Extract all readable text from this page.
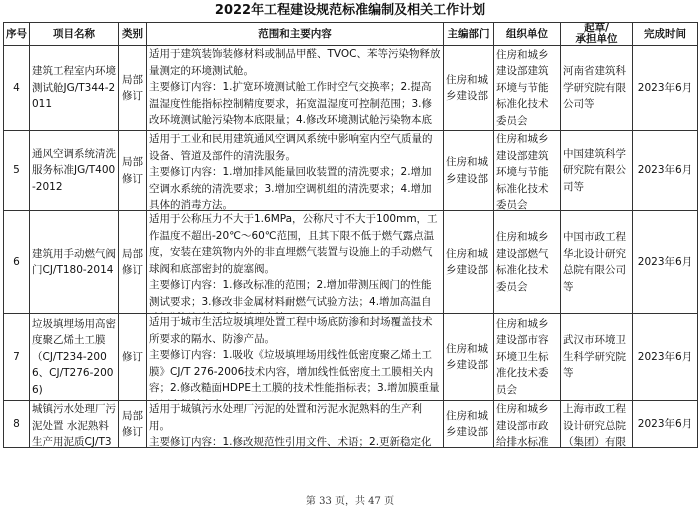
2022年工程建设规范标准编制及相关工作计划
序号	项目名称	类别	范围和主要内容	主编部门	组织单位	起草/
承担单位	完成时间

4	建筑工程室内环境测试舱JG/T344-2011	局部修订	适用于建筑装饰装修材料或制品甲醛、TVOC、苯等污染物释放量测定的环境测试舱。
主要修订内容：1.扩宽环境测试舱工作时空气交换率；2.提高温湿度性能指标控制精度要求，拓宽温湿度可控制范围；3.修改环境测试舱污染物本底限量；4.修改环境测试舱污染物本底	住房和城乡建设部	住房和城乡建设部建筑环境与节能标准化技术委员会	河南省建筑科学研究院有限公司等	2023年6月

5	通风空调系统清洗服务标准JG/T400-2012	局部修订	适用于工业和民用建筑通风空调风系统中影响室内空气质量的设备、管道及部件的清洗服务。
主要修订内容：1.增加排风能量回收装置的清洗要求；2.增加空调水系统的清洗要求；3.增加空调机组的清洗要求；4.增加具体的消毒方法。	住房和城乡建设部	住房和城乡建设部建筑环境与节能标准化技术委员会	中国建筑科学研究院有限公司等	2023年6月

6	建筑用手动燃气阀门CJ/T180-2014	局部修订	适用于公称压力不大于1.6MPa，公称尺寸不大于100mm，工作温度不超出-20℃～60℃范围，且其下限不低于燃气露点温度，安装在建筑物内外的非直埋燃气装置与设施上的手动燃气球阀和底部密封的旋塞阀。
主要修订内容：1.修改标准的范围；2.增加带测压阀门的性能测试要求；3.修改非金属材料耐燃气试验方法；4.增加高温自	住房和城乡建设部	住房和城乡建设部燃气标准化技术委员会	中国市政工程华北设计研究总院有限公司等	2023年6月

7	垃圾填埋场用高密度聚乙烯土工膜（CJ/T234-2006、CJ/T276-2006)	修订	适用于城市生活垃圾填埋处置工程中场底防渗和封场覆盖技术所要求的隔水、防渗产品。
主要修订内容：1.吸收《垃圾填埋场用线性低密度聚乙烯土工膜》CJ/T 276-2006技术内容，增加线性低密度土工膜相关内容；2.修改糙面HDPE土工膜的技术性能指标表；3.增加膜重量	住房和城乡建设部	住房和城乡建设部市容环境卫生标准化技术委员会	武汉市环境卫生科学研究院等	2023年6月

8	城镇污水处理厂污泥处置 水泥熟料生产用泥质CJ/T3	局部修订	适用于城镇污水处理厂污泥的处置和污泥水泥熟料的生产利用。
主要修订内容：1.修改规范性引用文件、术语；2.更新稳定化	住房和城乡建设部	住房和城乡建设部市政给排水标准	上海市政工程设计研究总院（集团）有限	2023年6月
第 33 页，共 47 页
